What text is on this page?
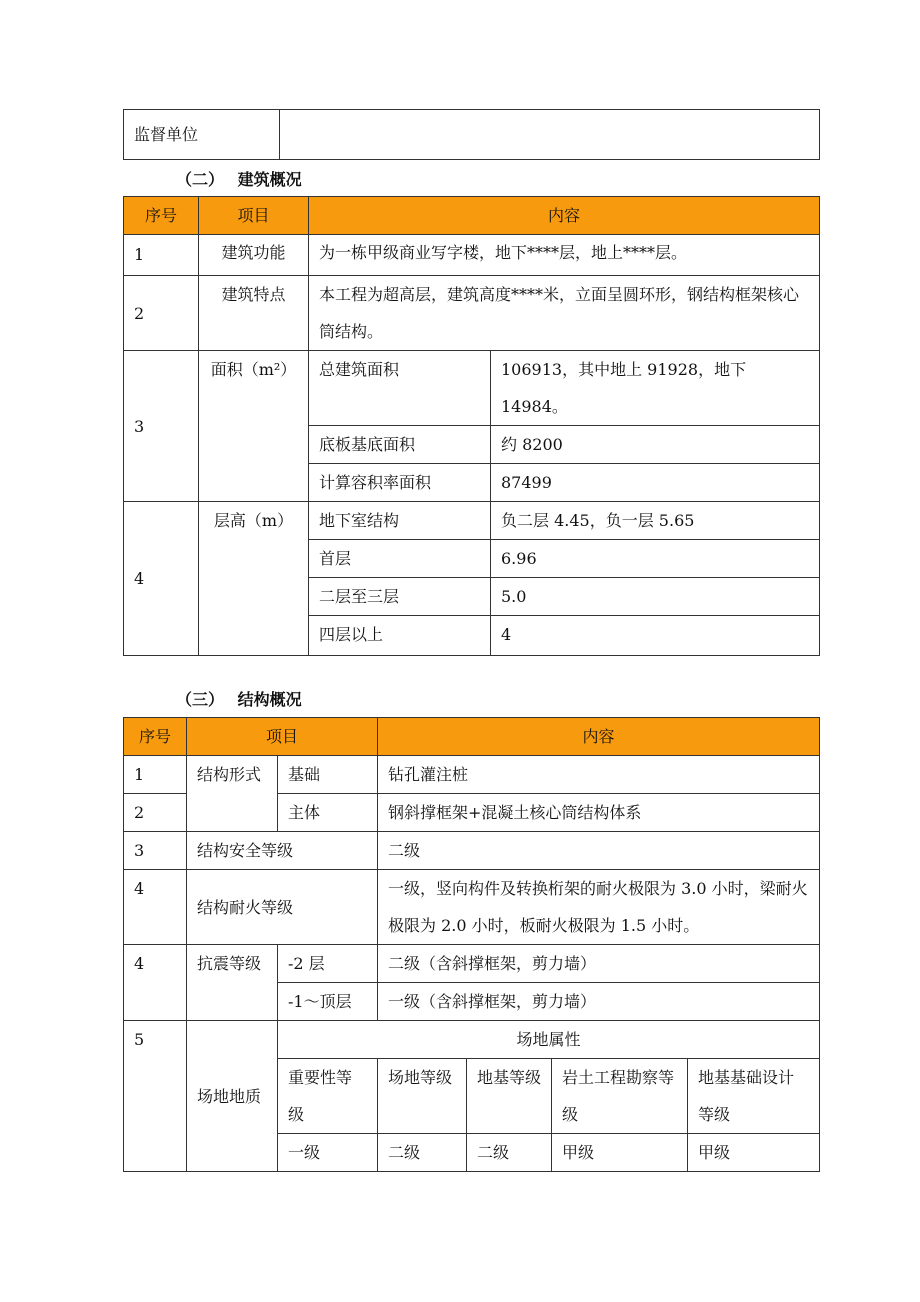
监督单位	
（二） 建筑概况
序号	项目	内容	
1	建筑功能	为一栋甲级商业写字楼，地下****层，地上****层。	
2	建筑特点	本工程为超高层，建筑高度****米，立面呈圆环形，钢结构框架核心筒结构。	
3	面积（m²）	总建筑面积	106913，其中地上 91928，地下 14984。
		底板基底面积	约 8200
		计算容积率面积	87499
4	层高（m）	地下室结构	负二层 4.45，负一层 5.65
		首层	6.96
		二层至三层	5.0
		四层以上	4
（三） 结构概况
序号	项目		内容			
1	结构形式	基础	钻孔灌注桩			
2		主体	钢斜撑框架+混凝土核心筒结构体系			
3	结构安全等级		二级			
4	结构耐火等级		一级，竖向构件及转换桁架的耐火极限为 3.0 小时，梁耐火极限为 2.0 小时，板耐火极限为 1.5 小时。			
4	抗震等级	-2 层	二级（含斜撑框架，剪力墙）			
		-1～顶层	一级（含斜撑框架，剪力墙）			
5	场地地质	场地属性				
		重要性等级	场地等级	地基等级	岩土工程勘察等级	地基基础设计等级
		一级	二级	二级	甲级	甲级
